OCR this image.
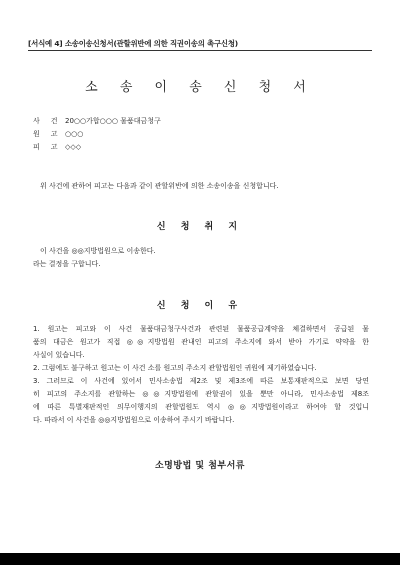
[서식예 4] 소송이송신청서(관할위반에 의한 직권이송의 촉구신청)
소 송 이 송 신 청 서
사건20○○가합○○○ 물품대금청구
원고○○○
피고◇◇◇
위 사건에 관하여 피고는 다음과 같이 관할위반에 의한 소송이송을 신청합니다.
신 청 취 지
이 사건을 ◎◎지방법원으로 이송한다.
라는 결정을 구합니다.
신 청 이 유
1. 원고는 피고와 이 사건 물품대금청구사건과 관련된 물품공급계약을 체결하면서 공급된 물
품의 대금은 원고가 직접 ◎◎지방법원 관내인 피고의 주소지에 와서 받아 가기로 약약을 한
사실이 있습니다.
2. 그럼에도 불구하고 원고는 이 사건 소를 원고의 주소지 관할법원인 귀원에 제기하였습니다.
3. 그러므로 이 사건에 있어서 민사소송법 제2조 및 제3조에 따른 보통재판적으로 보면 당연
히 피고의 주소지를 관할하는 ◎◎지방법원에 관할권이 있을 뿐만 아니라, 민사소송법 제8조
에 따른 특별재판적인 의무이행지의 관할법원도 역시 ◎◎지방법원이라고 하여야 할 것입니
다. 따라서 이 사건을 ◎◎지방법원으로 이송하여 주시기 바랍니다.
소명방법 및 첨부서류
